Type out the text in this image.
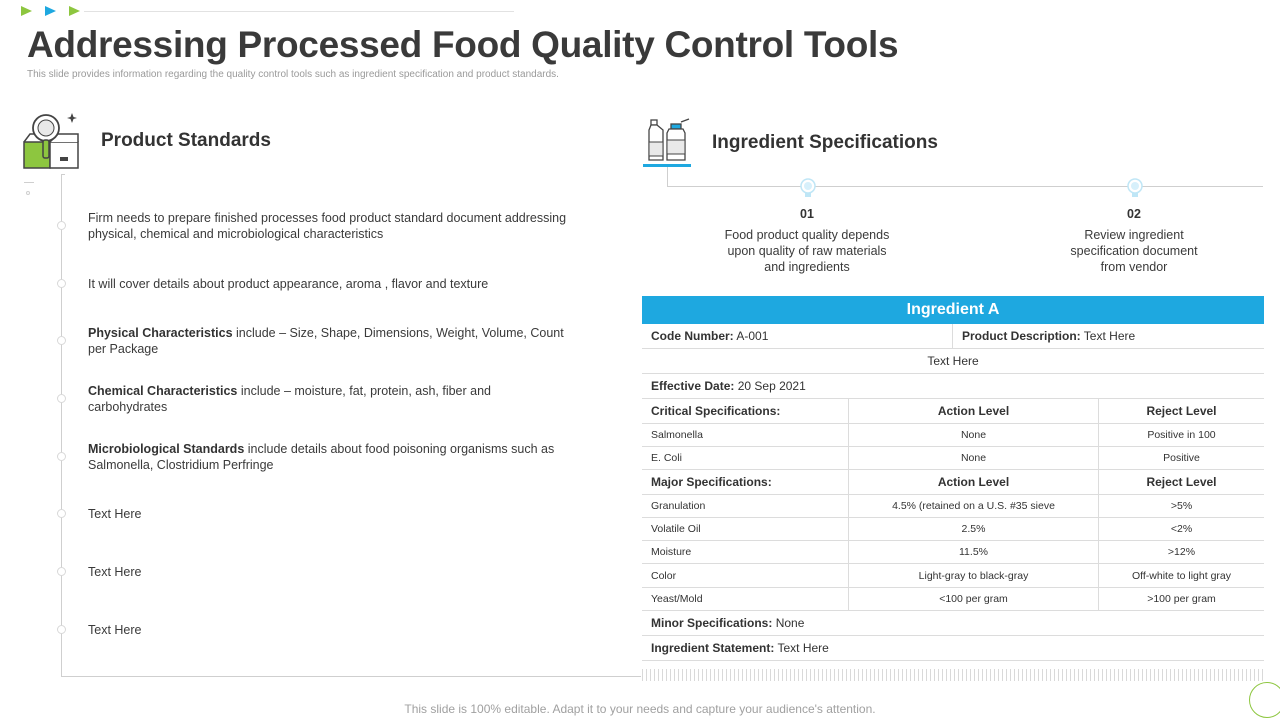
Addressing Processed Food Quality Control Tools
This slide provides information regarding the quality control tools such as ingredient specification and product standards.
Product Standards
Firm needs to prepare finished processes food product standard document addressing physical, chemical and microbiological characteristics
It will cover details about product appearance, aroma , flavor and texture
Physical Characteristics include – Size, Shape, Dimensions, Weight, Volume, Count per Package
Chemical Characteristics include – moisture, fat, protein, ash, fiber and carbohydrates
Microbiological Standards include details about food poisoning organisms such as Salmonella, Clostridium Perfringe
Text Here
Text Here
Text Here
Ingredient Specifications
01
Food product quality depends upon quality of raw materials and ingredients
02
Review ingredient specification document from vendor
Ingredient A
Code Number: A-001	Product Description: Text Here
Text Here
Effective Date: 20 Sep 2021
Critical Specifications:	Action Level	Reject Level
Salmonella	None	Positive in 100
E. Coli	None	Positive
Major Specifications:	Action Level	Reject Level
Granulation	4.5% (retained on a U.S. #35 sieve	>5%
Volatile Oil	2.5%	<2%
Moisture	11.5%	>12%
Color	Light-gray to black-gray	Off-white to light gray
Yeast/Mold	<100 per gram	>100 per gram
Minor Specifications: None
Ingredient Statement: Text Here
This slide is 100% editable. Adapt it to your needs and capture your audience's attention.
